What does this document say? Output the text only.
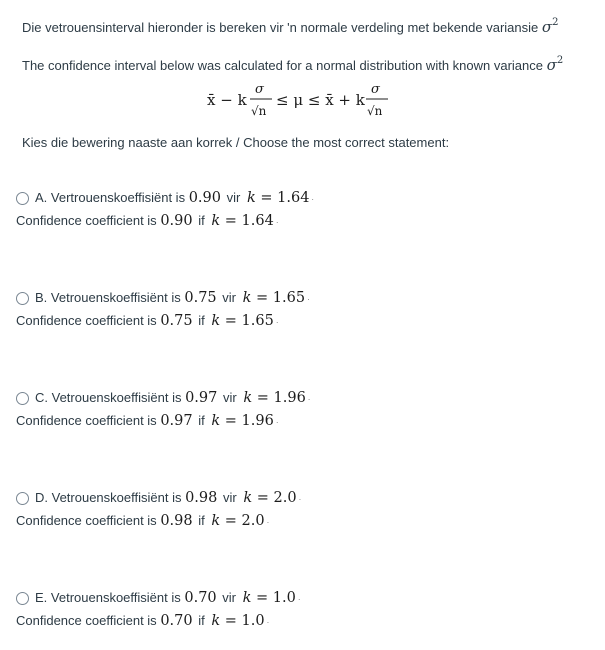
Die vetrouensinterval hieronder is bereken vir 'n normale verdeling met bekende variansie $\sigma^2$
The confidence interval below was calculated for a normal distribution with known variance $\sigma^2$
x̄ − k
σ
√n
≤ μ ≤ x̄ + k
σ
√n
Kies die bewering naaste aan korrek / Choose the most correct statement:
A. Vertrouenskoeffisiënt is 0.90 vir k = 1.64 ·
Confidence coefficient is 0.90 if k = 1.64 ·
B. Vetrouenskoeffisiënt is 0.75 vir k = 1.65 ·
Confidence coefficient is 0.75 if k = 1.65 ·
C. Vetrouenskoeffisiënt is 0.97 vir k = 1.96 ·
Confidence coefficient is 0.97 if k = 1.96 ·
D. Vetrouenskoeffisiënt is 0.98 vir k = 2.0 ·
Confidence coefficient is 0.98 if k = 2.0 ·
E. Vetrouenskoeffisiënt is 0.70 vir k = 1.0 ·
Confidence coefficient is 0.70 if k = 1.0 ·
